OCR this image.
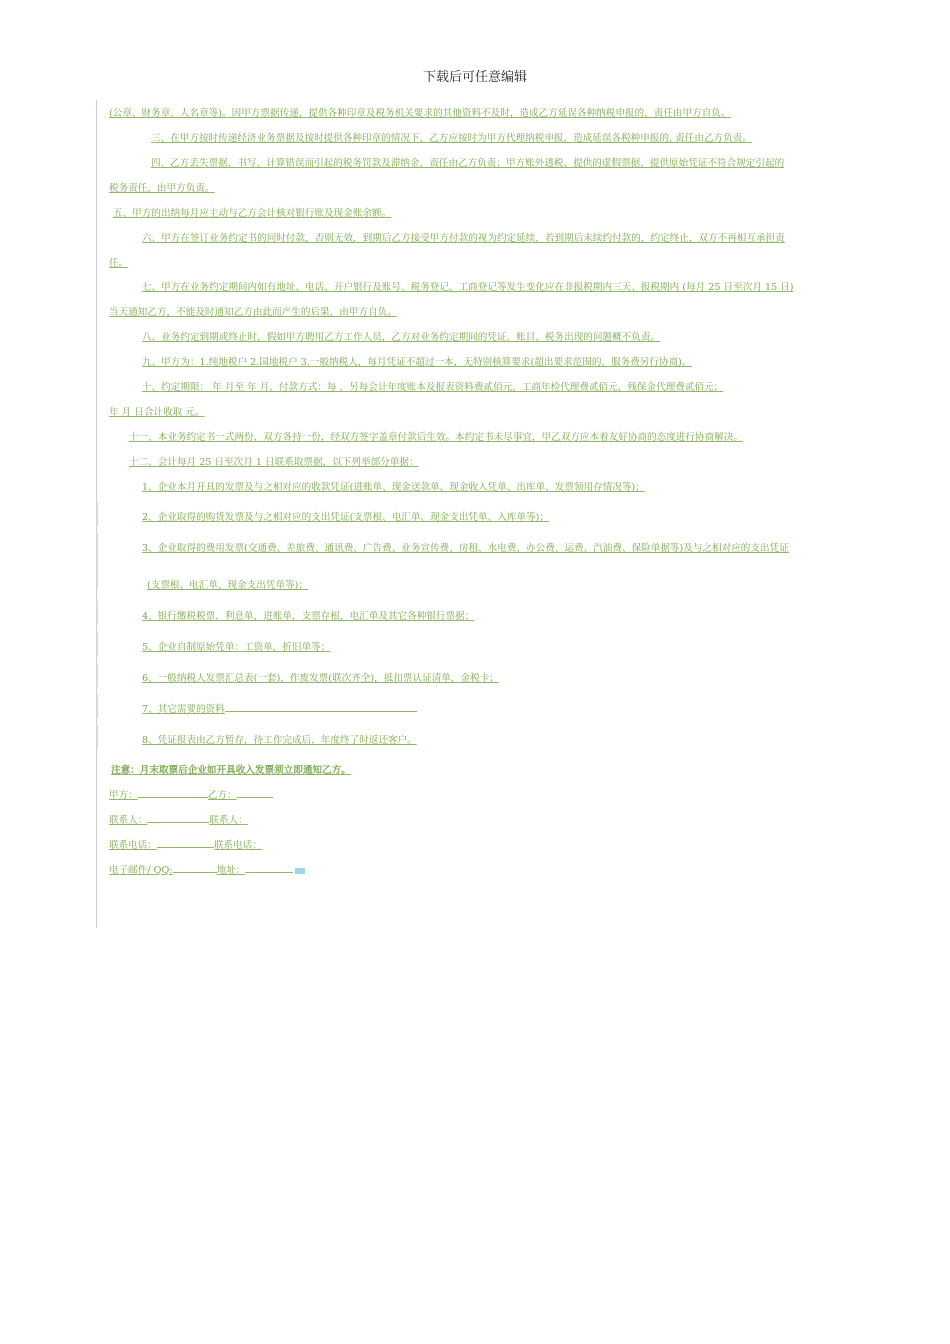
下载后可任意编辑
(公章、财务章、人名章等)。因甲方票据传递，提供各种印章及税务机关要求的其他资料不及时，造成乙方延误各种纳税申报的，责任由甲方自负。
三、在甲方按时传递经济业务票据及按时提供各种印章的情况下，乙方应按时为甲方代理纳税申报，造成延误各税种申报的, 责任由乙方负责。
四、乙方丢失票据，书写、计算错误而引起的税务罚款及滞纳金，责任由乙方负责；甲方账外透税、提供的虚假票据、提供原始凭证不符合规定引起的
税务责任，由甲方负责。
五、甲方的出纳每月应主动与乙方会计核对银行账及现金账余额。
六、甲方在签订业务约定书的同时付款，否则无效，到期后乙方接受甲方付款的视为约定延续，若到期后未续约付款的，约定终止，双方不再相互承担责
任。
七、甲方在业务约定期间内如有地址、电话、开户银行及账号、税务登记、工商登记等发生变化应在非报税期内三天、报税期内 (每月 25 日至次月 15 日)
当天通知乙方，不能及时通知乙方由此而产生的后果，由甲方自负。
八、业务约定到期或终止时，假如甲方聘用乙方工作人员，乙方对业务约定期间的凭证、账目、税务出现的问题概不负责。
九、甲方为：1.纯地税户 2.国地税户 3.一般纳税人，每月凭证不超过一本，无特别核算要求(超出要求范围的，服务费另行协商)。
十、约定期限： 年 月至 年 月，付款方式：每 ，另每会计年度账本及报表资料费贰佰元，工商年检代理费贰佰元，残保金代理费贰佰元；
年 月 日合计收取 元。
十一、本业务约定书一式两份，双方各持一份，经双方签字盖章付款后生效。本约定书未尽事宜，甲乙双方应本着友好协商的态度进行协商解决。
十二、会计每月 25 日至次月 1 日联系取票据，以下列举部分单据：
1、企业本月开具的发票及与之相对应的收款凭证(进账单、现金送款单、现金收入凭单、出库单、发票领用存情况等)；
2、企业取得的购货发票及与之相对应的支出凭证(支票根、电汇单、现金支出凭单、入库单等)；
3、企业取得的费用发票(交通费、差旅费、通讯费、广告费、业务宣传费、房租、水电费、办公费、运费、汽油费、保险单据等)及与之相对应的支出凭证
(支票根、电汇单、现金支出凭单等)；
4、银行缴税税票，利息单，进账单，支票存根，电汇单及其它各种银行票据；
5、企业自制原始凭单：工资单，折旧单等；
6、一般纳税人发票汇总表(一套)，作废发票(联次齐全)，抵扣票认证清单，金税卡；
7、其它需要的资料
8、凭证报表由乙方暂存，待工作完成后，年度终了时返还客户。
注意：月末取票后企业如开具收入发票须立即通知乙方。
甲方：	乙方：
联系人：	联系人：
联系电话：	联系电话：
电子邮件/ QQ:	地址：
